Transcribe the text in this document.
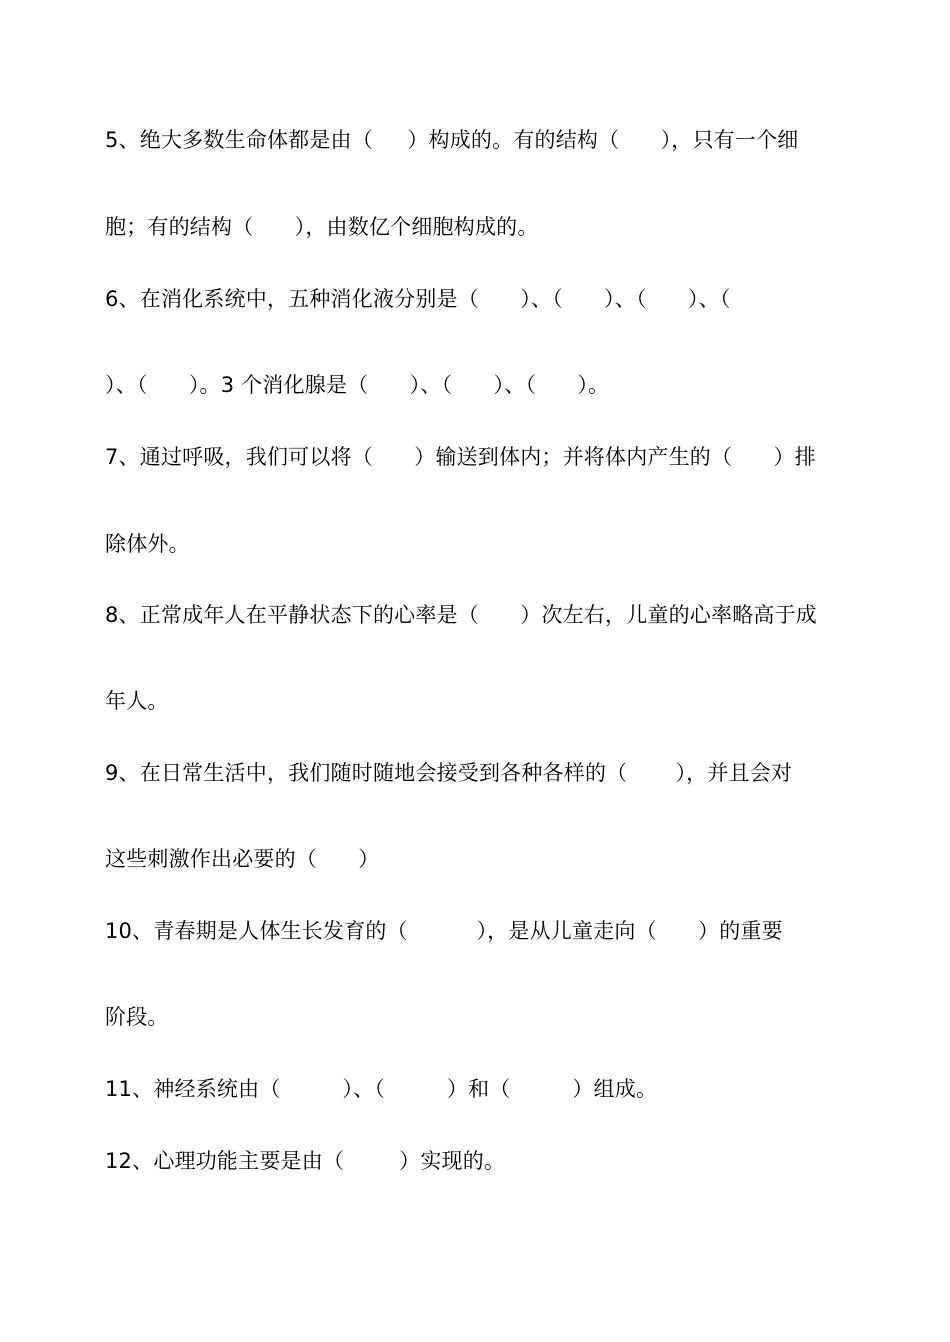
5、绝大多数生命体都是由（     ）构成的。有的结构（      ），只有一个细
胞；有的结构（      ），由数亿个细胞构成的。
6、在消化系统中，五种消化液分别是（      ）、（      ）、（      ）、（
）、（      ）。3 个消化腺是（      ）、（      ）、（      ）。
7、通过呼吸，我们可以将（      ）输送到体内；并将体内产生的（      ）排
除体外。
8、正常成年人在平静状态下的心率是（      ）次左右，儿童的心率略高于成
年人。
9、在日常生活中，我们随时随地会接受到各种各样的（       ），并且会对
这些刺激作出必要的（      ）
10、青春期是人体生长发育的（          ），是从儿童走向（      ）的重要
阶段。
11、神经系统由（         ）、（         ）和（         ）组成。
12、心理功能主要是由（        ）实现的。
